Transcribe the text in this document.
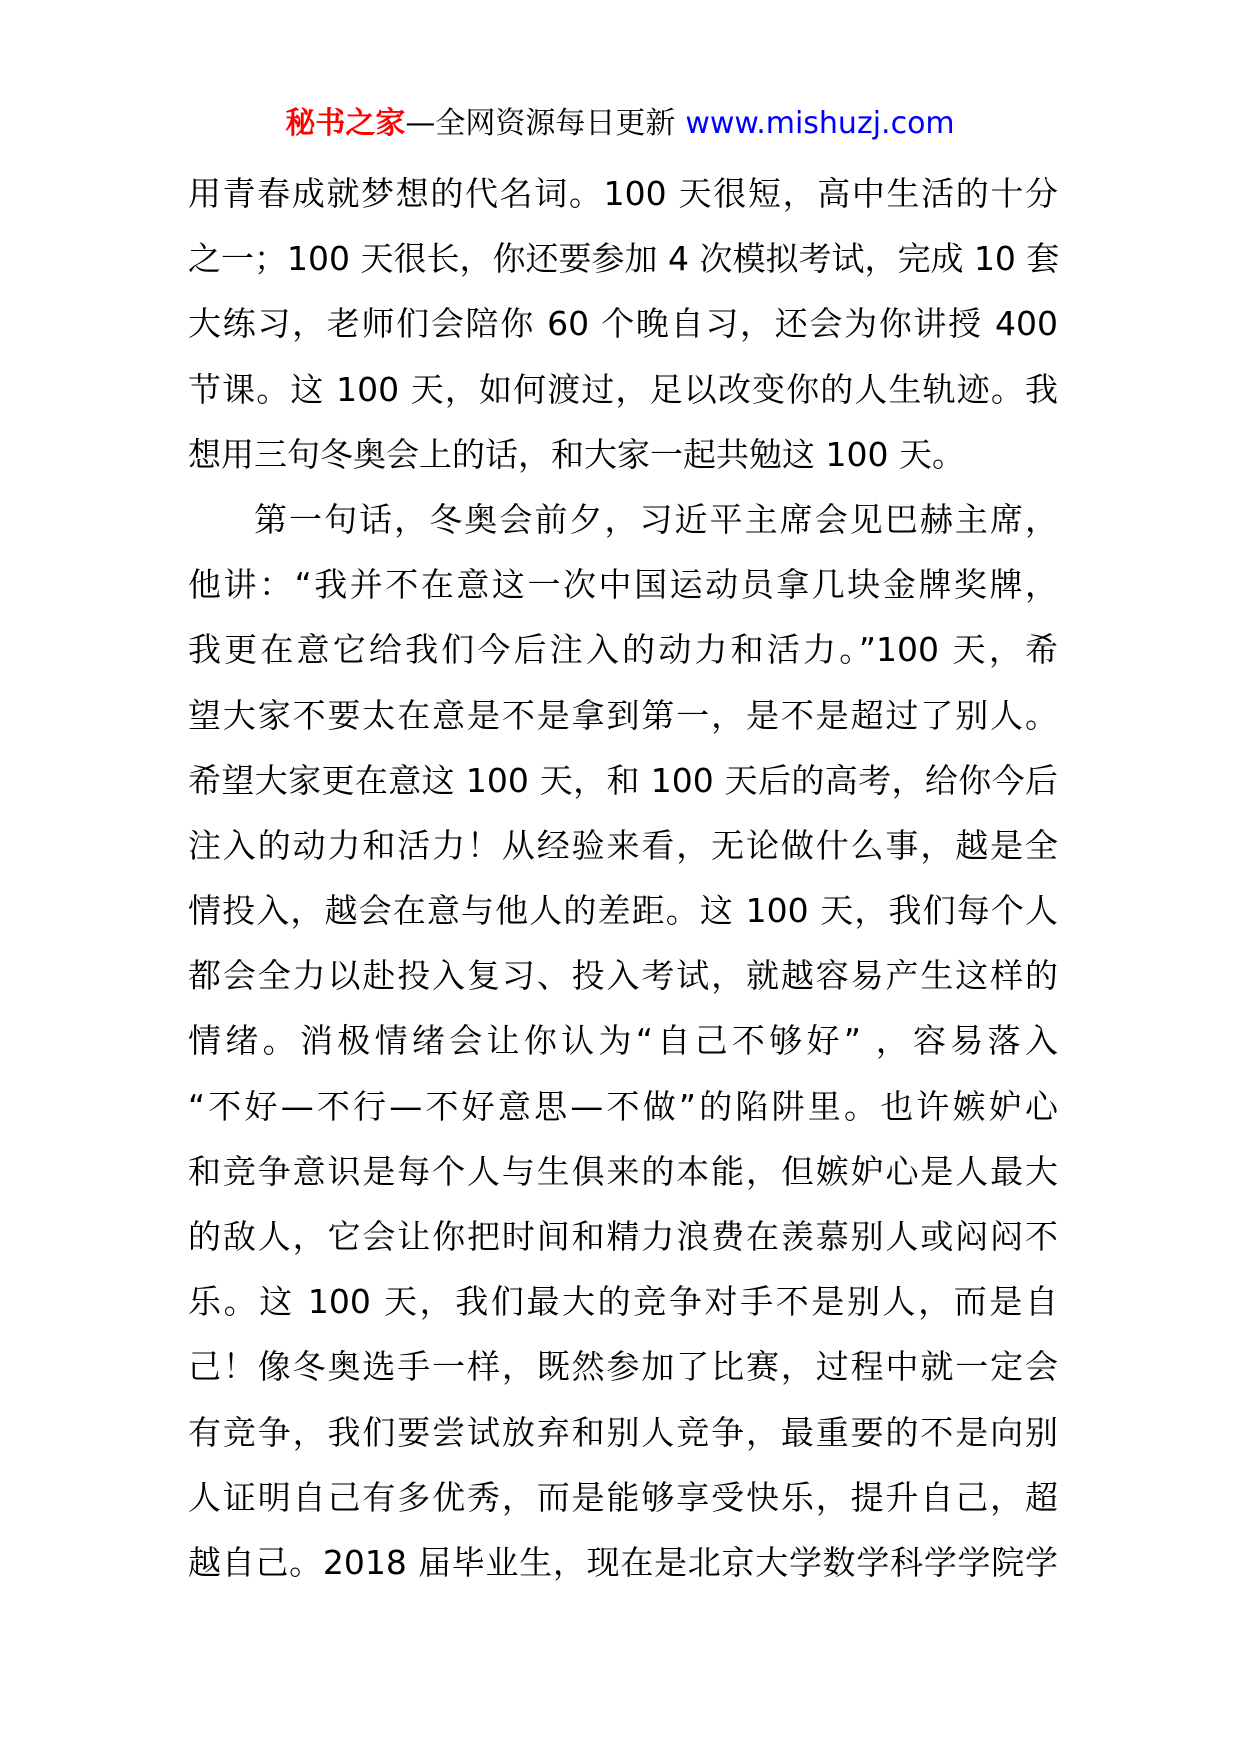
秘书之家—全网资源每日更新 www.mishuzj.com
用青春成就梦想的代名词。100 天很短，高中生活的十分
之一；100 天很长，你还要参加 4 次模拟考试，完成 10 套
大练习，老师们会陪你 60 个晚自习，还会为你讲授 400
节课。这 100 天，如何渡过，足以改变你的人生轨迹。我
想用三句冬奥会上的话，和大家一起共勉这 100 天。
第一句话，冬奥会前夕，习近平主席会见巴赫主席，
他讲：“我并不在意这一次中国运动员拿几块金牌奖牌，
我更在意它给我们今后注入的动力和活力。”100 天，希
望大家不要太在意是不是拿到第一，是不是超过了别人。
希望大家更在意这 100 天，和 100 天后的高考，给你今后
注入的动力和活力！从经验来看，无论做什么事，越是全
情投入，越会在意与他人的差距。这 100 天，我们每个人
都会全力以赴投入复习、投入考试，就越容易产生这样的
情绪。消极情绪会让你认为“自己不够好” ，容易落入
“不好—不行—不好意思—不做”的陷阱里。也许嫉妒心
和竞争意识是每个人与生俱来的本能，但嫉妒心是人最大
的敌人，它会让你把时间和精力浪费在羡慕别人或闷闷不
乐。这 100 天，我们最大的竞争对手不是别人，而是自
己！像冬奥选手一样，既然参加了比赛，过程中就一定会
有竞争，我们要尝试放弃和别人竞争，最重要的不是向别
人证明自己有多优秀，而是能够享受快乐，提升自己，超
越自己。2018 届毕业生，现在是北京大学数学科学学院学
